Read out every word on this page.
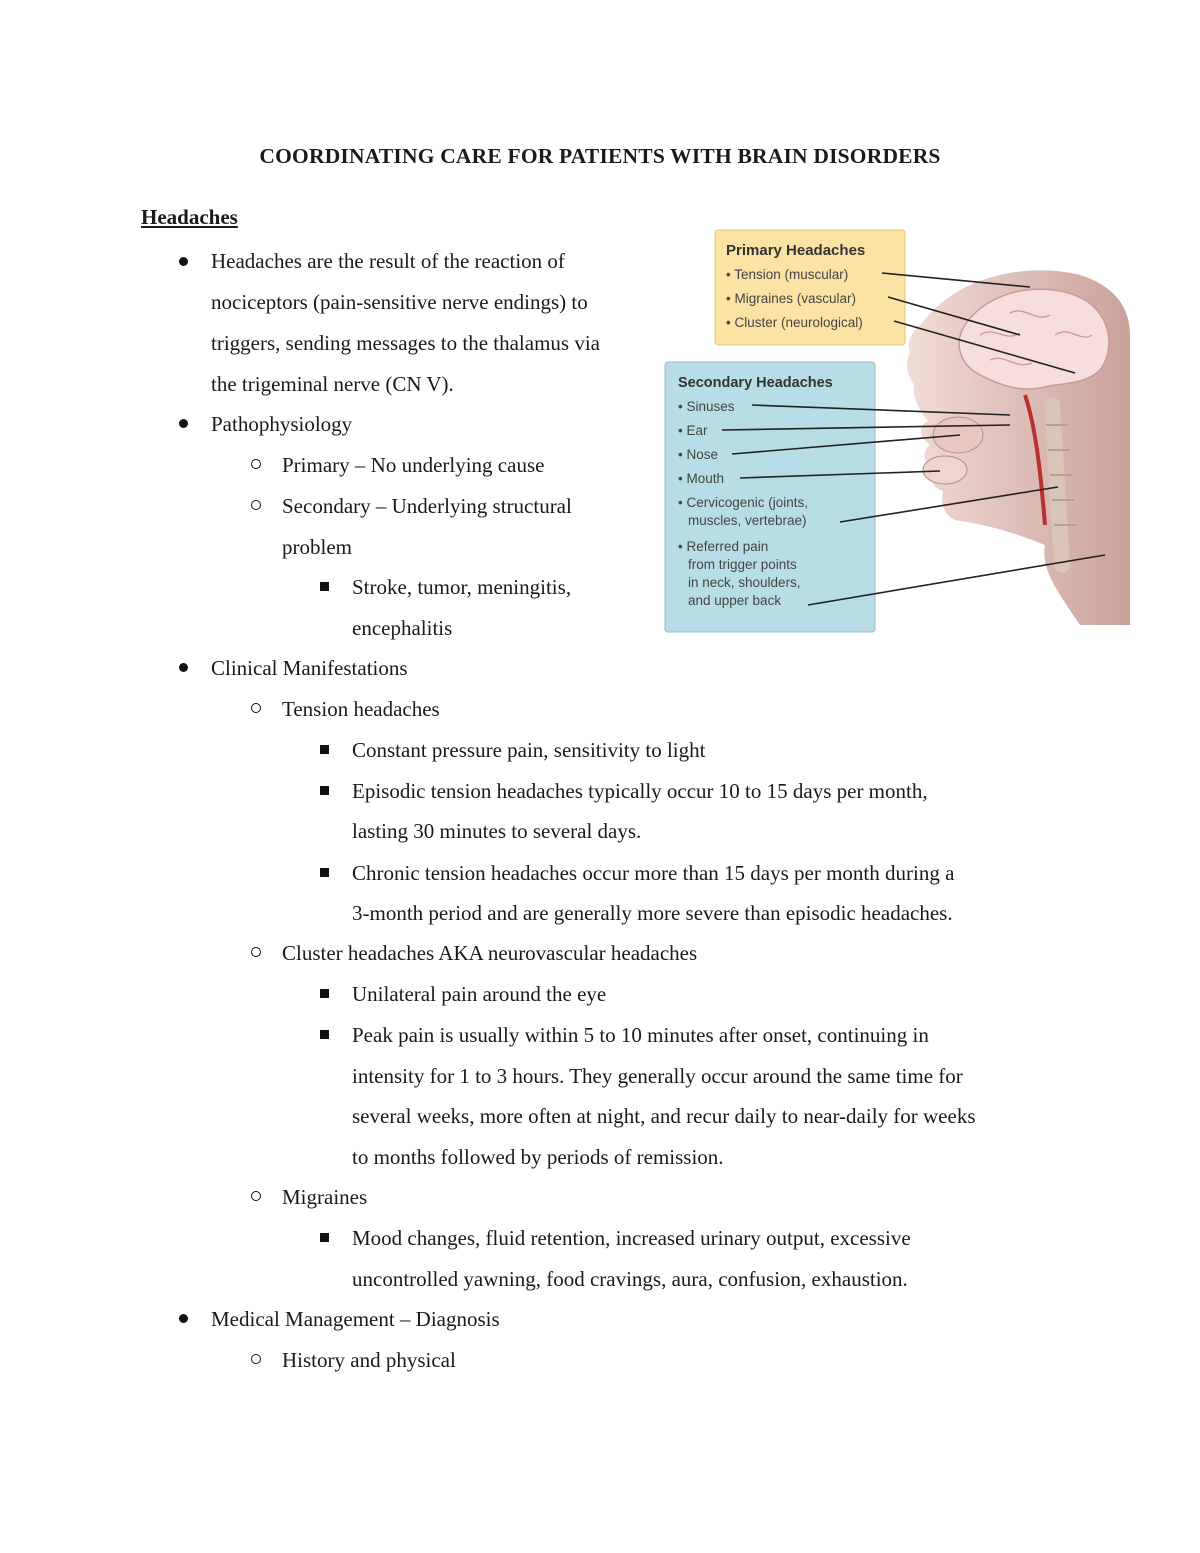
COORDINATING CARE FOR PATIENTS WITH BRAIN DISORDERS
Headaches
Headaches are the result of the reaction of
nociceptors (pain-sensitive nerve endings) to
triggers, sending messages to the thalamus via
the trigeminal nerve (CN V).
Pathophysiology
Primary – No underlying cause
Secondary – Underlying structural
problem
Stroke, tumor, meningitis,
encephalitis
Clinical Manifestations
Tension headaches
Constant pressure pain, sensitivity to light
Episodic tension headaches typically occur 10 to 15 days per month,
lasting 30 minutes to several days.
Chronic tension headaches occur more than 15 days per month during a
3-month period and are generally more severe than episodic headaches.
Cluster headaches AKA neurovascular headaches
Unilateral pain around the eye
Peak pain is usually within 5 to 10 minutes after onset, continuing in
intensity for 1 to 3 hours. They generally occur around the same time for
several weeks, more often at night, and recur daily to near-daily for weeks
to months followed by periods of remission.
Migraines
Mood changes, fluid retention, increased urinary output, excessive
uncontrolled yawning, food cravings, aura, confusion, exhaustion.
Medical Management – Diagnosis
History and physical
Primary Headaches
• Tension (muscular)
• Migraines (vascular)
• Cluster (neurological)
Secondary Headaches
• Sinuses
• Ear
• Nose
• Mouth
• Cervicogenic (joints,
muscles, vertebrae)
• Referred pain
from trigger points
in neck, shoulders,
and upper back
